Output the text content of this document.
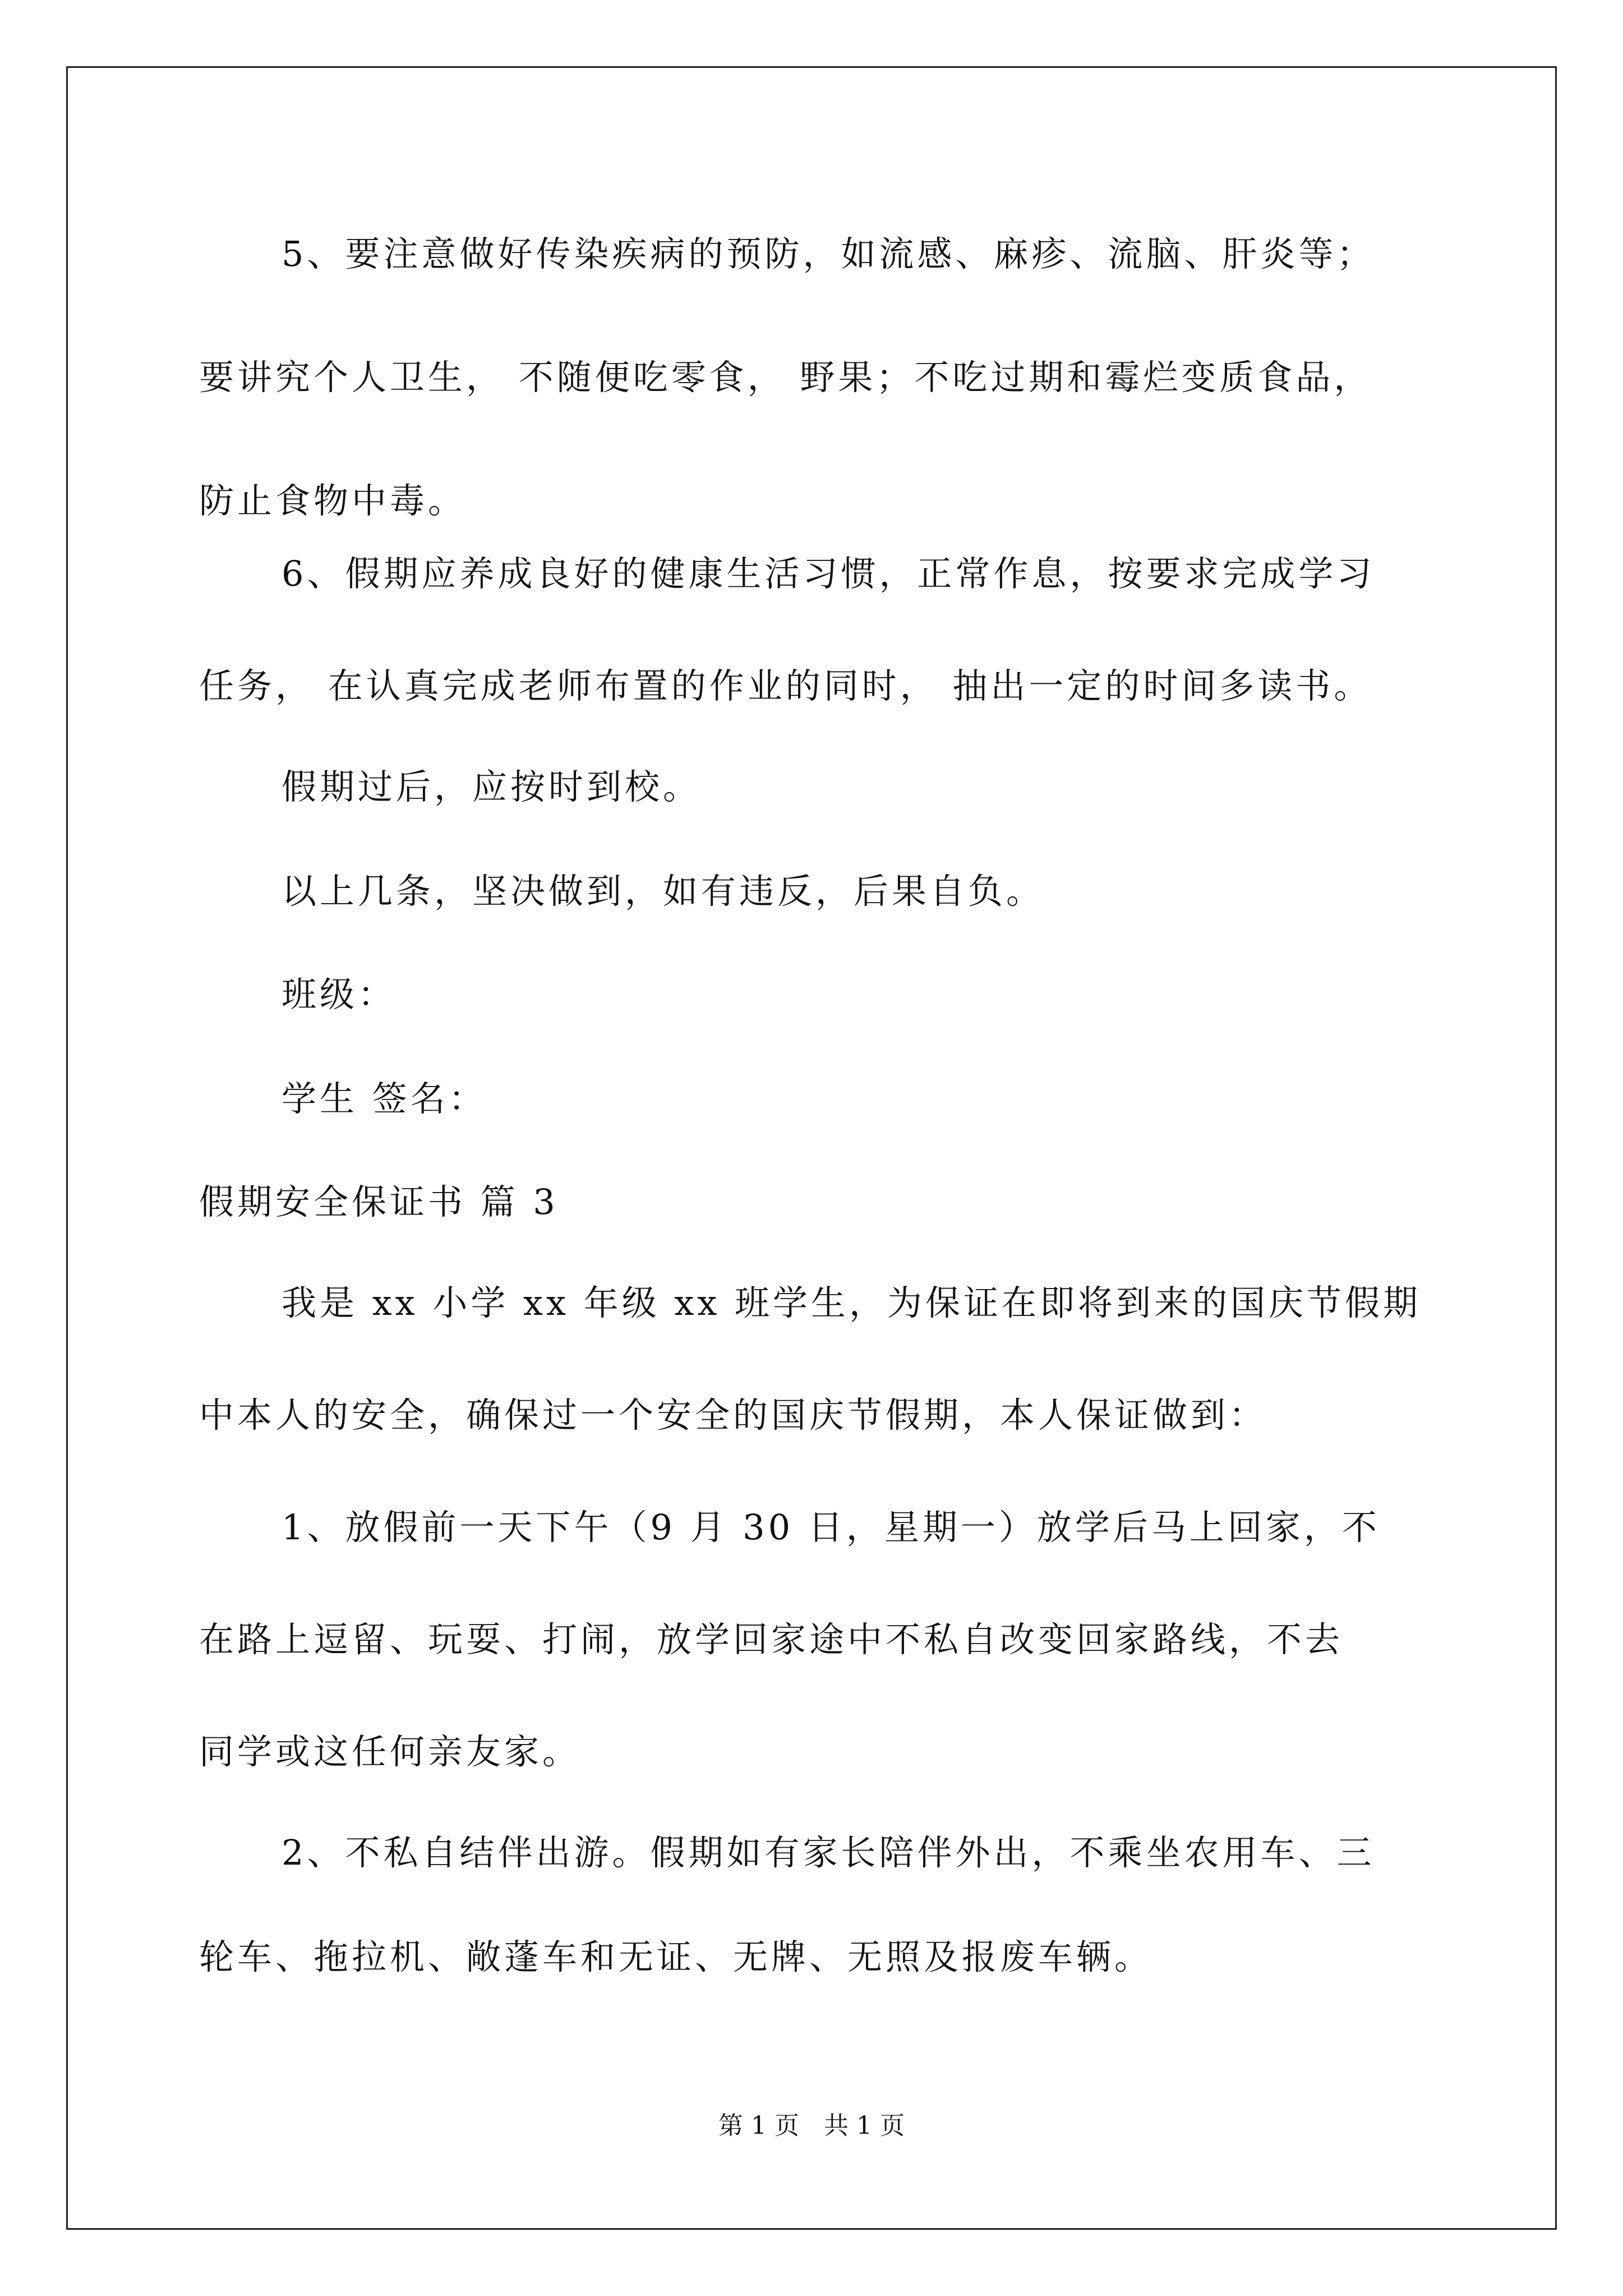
5、要注意做好传染疾病的预防，如流感、麻疹、流脑、肝炎等；
要讲究个人卫生， 不随便吃零食， 野果；不吃过期和霉烂变质食品，
防止食物中毒。
6、假期应养成良好的健康生活习惯，正常作息，按要求完成学习
任务， 在认真完成老师布置的作业的同时， 抽出一定的时间多读书。
假期过后，应按时到校。
以上几条，坚决做到，如有违反，后果自负。
班级：
学生 签名：
假期安全保证书 篇 3
我是 xx 小学 xx 年级 xx 班学生，为保证在即将到来的国庆节假期
中本人的安全，确保过一个安全的国庆节假期，本人保证做到：
1、放假前一天下午（9 月 30 日，星期一）放学后马上回家，不
在路上逗留、玩耍、打闹，放学回家途中不私自改变回家路线，不去
同学或这任何亲友家。
2、不私自结伴出游。假期如有家长陪伴外出，不乘坐农用车、三
轮车、拖拉机、敞蓬车和无证、无牌、无照及报废车辆。
第 1 页　共 1 页
